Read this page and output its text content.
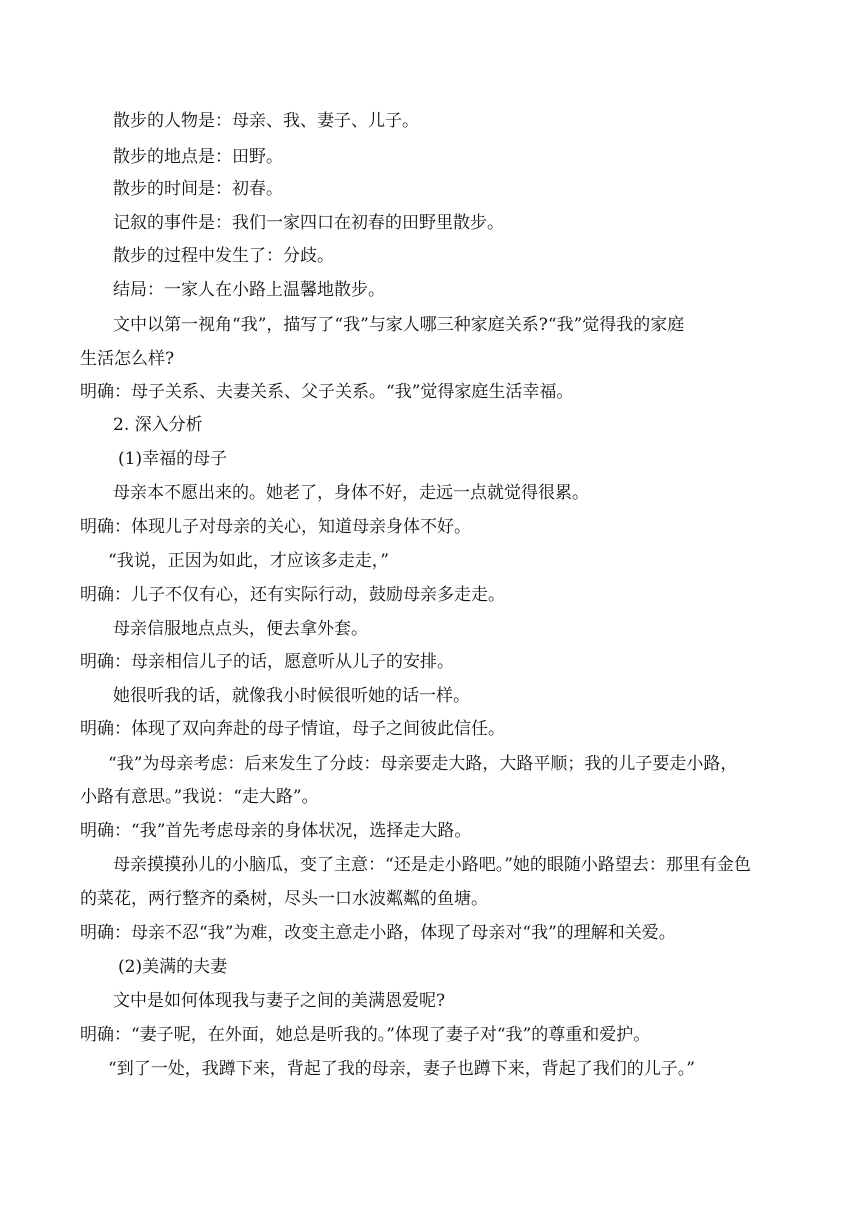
散步的人物是：母亲、我、妻子、儿子。
散步的地点是：田野。
散步的时间是：初春。
记叙的事件是：我们一家四口在初春的田野里散步。
散步的过程中发生了：分歧。
结局：一家人在小路上温馨地散步。
文中以第一视角“我”，描写了“我”与家人哪三种家庭关系?“我”觉得我的家庭
生活怎么样?
明确：母子关系、夫妻关系、父子关系。“我”觉得家庭生活幸福。
2. 深入分析
(1)幸福的母子
母亲本不愿出来的。她老了，身体不好，走远一点就觉得很累。
明确：体现儿子对母亲的关心，知道母亲身体不好。
“我说，正因为如此，才应该多走走，”
明确：儿子不仅有心，还有实际行动，鼓励母亲多走走。
母亲信服地点点头，便去拿外套。
明确：母亲相信儿子的话，愿意听从儿子的安排。
她很听我的话，就像我小时候很听她的话一样。
明确：体现了双向奔赴的母子情谊，母子之间彼此信任。
“我”为母亲考虑：后来发生了分歧：母亲要走大路，大路平顺；我的儿子要走小路，
小路有意思。”我说：“走大路”。
明确：“我”首先考虑母亲的身体状况，选择走大路。
母亲摸摸孙儿的小脑瓜，变了主意：“还是走小路吧。”她的眼随小路望去：那里有金色
的菜花，两行整齐的桑树，尽头一口水波粼粼的鱼塘。
明确：母亲不忍“我”为难，改变主意走小路，体现了母亲对“我”的理解和关爱。
(2)美满的夫妻
文中是如何体现我与妻子之间的美满恩爱呢?
明确：“妻子呢，在外面，她总是听我的。”体现了妻子对“我”的尊重和爱护。
“到了一处，我蹲下来，背起了我的母亲，妻子也蹲下来，背起了我们的儿子。”
